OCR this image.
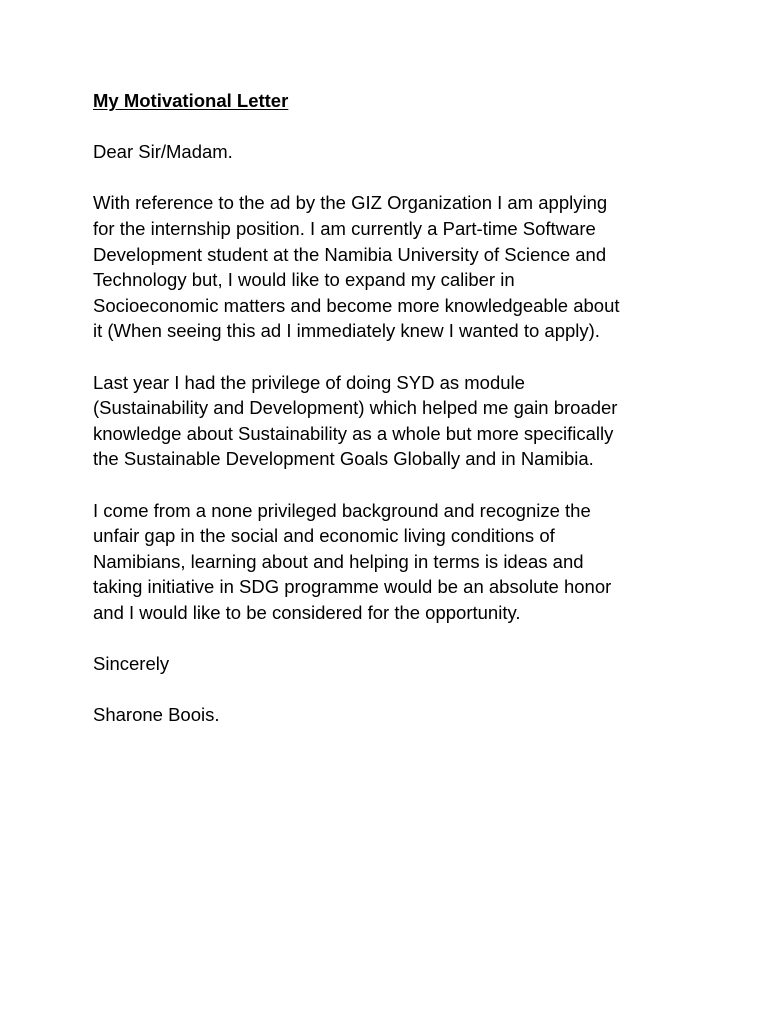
My Motivational Letter
Dear Sir/Madam.
With reference to the ad by the GIZ Organization I am applying
for the internship position. I am currently a Part-time Software
Development student at the Namibia University of Science and
Technology but, I would like to expand my caliber in
Socioeconomic matters and become more knowledgeable about
it (When seeing this ad I immediately knew I wanted to apply).
Last year I had the privilege of doing SYD as module
(Sustainability and Development) which helped me gain broader
knowledge about Sustainability as a whole but more specifically
the Sustainable Development Goals Globally and in Namibia.
I come from a none privileged background and recognize the
unfair gap in the social and economic living conditions of
Namibians, learning about and helping in terms is ideas and
taking initiative in SDG programme would be an absolute honor
and I would like to be considered for the opportunity.
Sincerely
Sharone Boois.
